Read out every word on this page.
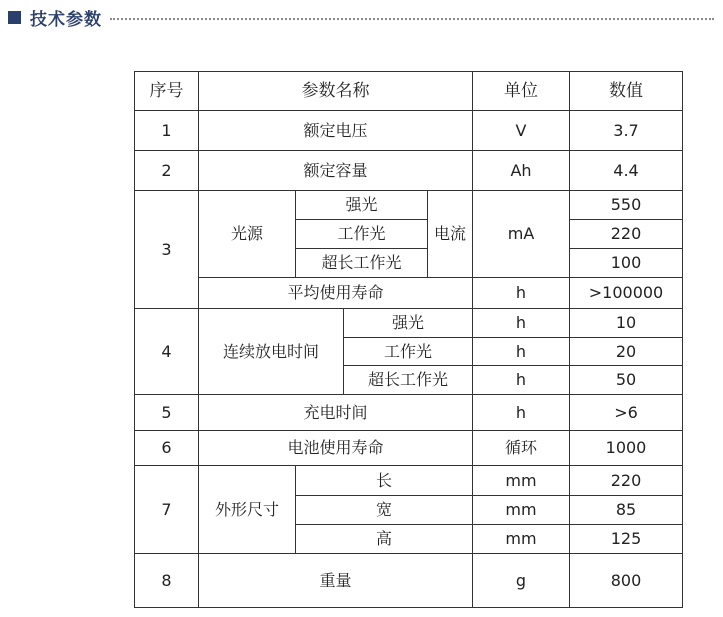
技术参数
序号	参数名称				单位	数值
1	额定电压				V	3.7
2	额定容量				Ah	4.4
3	光源	强光		电流	mA	550
		工作光				220
		超长工作光				100
	平均使用寿命				h	>100000
4	连续放电时间		强光		h	10
			工作光		h	20
			超长工作光		h	50
5	充电时间				h	>6
6	电池使用寿命				循环	1000
7	外形尺寸	长			mm	220
		宽			mm	85
		高			mm	125
8	重量				g	800
